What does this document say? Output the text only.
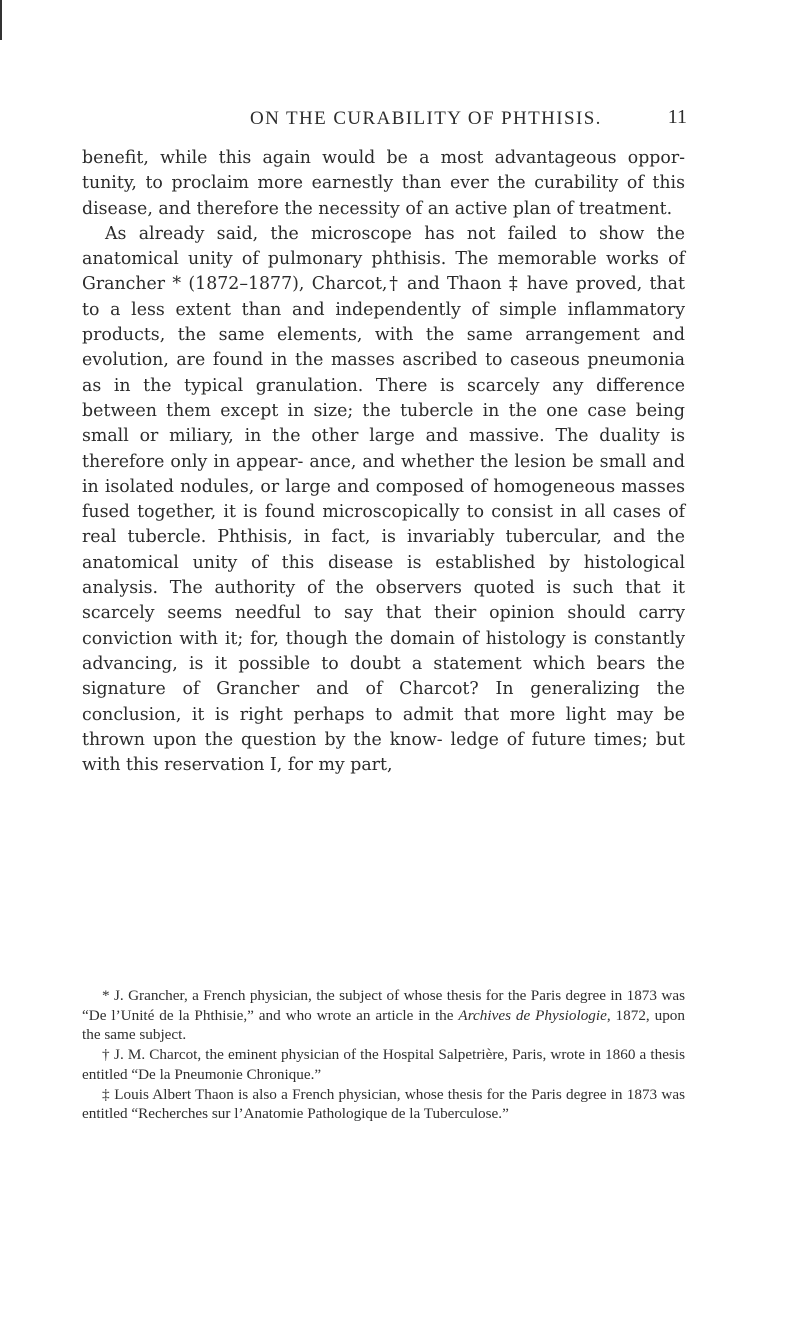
ON THE CURABILITY OF PHTHISIS.	11

benefit, while this again would be a most advantageous oppor- tunity, to proclaim more earnestly than ever the curability of this disease, and therefore the necessity of an active plan of treatment.

As already said, the microscope has not failed to show the anatomical unity of pulmonary phthisis. The memorable works of Grancher * (1872–1877), Charcot,† and Thaon ‡ have proved, that to a less extent than and independently of simple inflammatory products, the same elements, with the same arrangement and evolution, are found in the masses ascribed to caseous pneumonia as in the typical granulation. There is scarcely any difference between them except in size; the tubercle in the one case being small or miliary, in the other large and massive. The duality is therefore only in appear- ance, and whether the lesion be small and in isolated nodules, or large and composed of homogeneous masses fused together, it is found microscopically to consist in all cases of real tubercle. Phthisis, in fact, is invariably tubercular, and the anatomical unity of this disease is established by histological analysis. The authority of the observers quoted is such that it scarcely seems needful to say that their opinion should carry conviction with it; for, though the domain of histology is constantly advancing, is it possible to doubt a statement which bears the signature of Grancher and of Charcot? In generalizing the conclusion, it is right perhaps to admit that more light may be thrown upon the question by the know- ledge of future times; but with this reservation I, for my part,

* J. Grancher, a French physician, the subject of whose thesis for the Paris degree in 1873 was “De l’Unité de la Phthisie,” and who wrote an article in the Archives de Physiologie, 1872, upon the same subject.

† J. M. Charcot, the eminent physician of the Hospital Salpetrière, Paris, wrote in 1860 a thesis entitled “De la Pneumonie Chronique.”

‡ Louis Albert Thaon is also a French physician, whose thesis for the Paris degree in 1873 was entitled “Recherches sur l’Anatomie Pathologique de la Tuberculose.”
